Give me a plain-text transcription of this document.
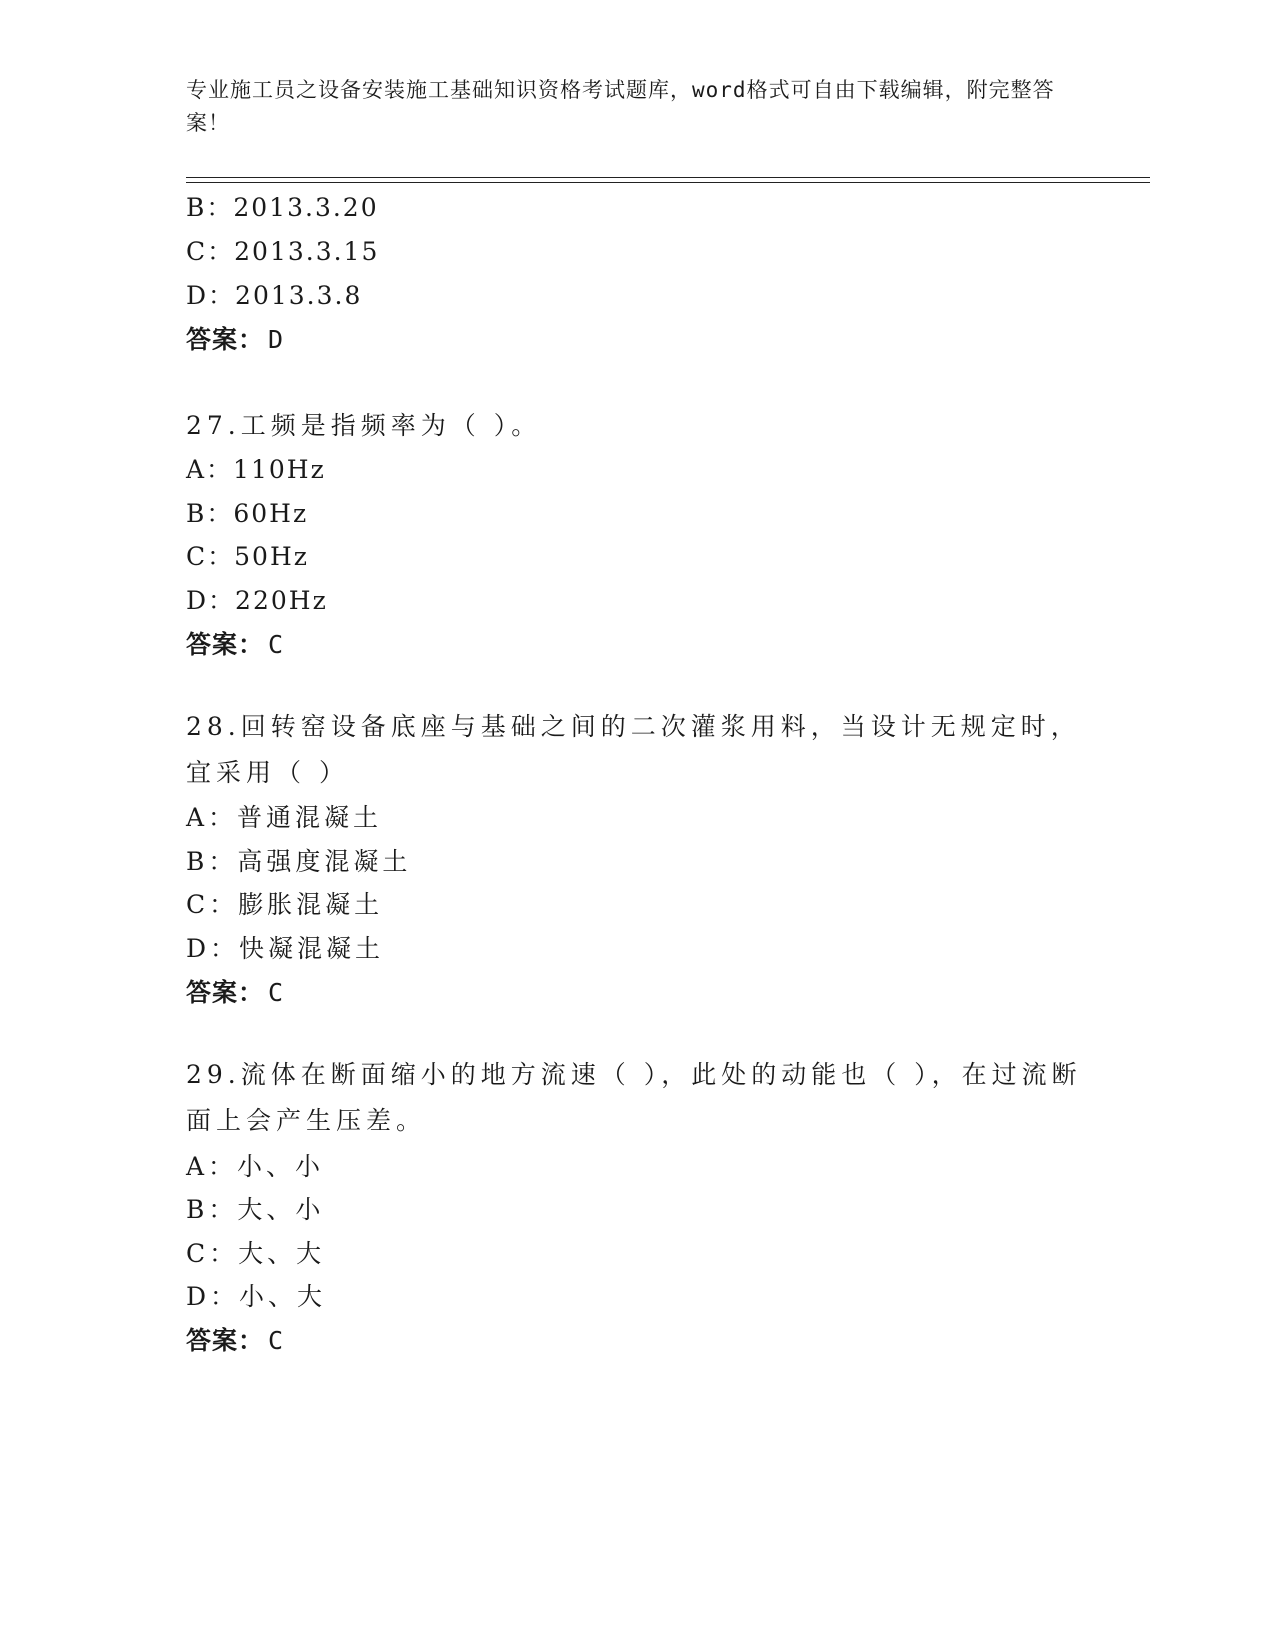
专业施工员之设备安装施工基础知识资格考试题库，word格式可自由下载编辑，附完整答案！
B：2013.3.20
C：2013.3.15
D：2013.3.8
答案： D
27.工频是指频率为（ ）。
A：110Hz
B：60Hz
C：50Hz
D：220Hz
答案： C
28.回转窑设备底座与基础之间的二次灌浆用料，当设计无规定时，宜采用（ ）
A：普通混凝土
B：高强度混凝土
C：膨胀混凝土
D：快凝混凝土
答案： C
29.流体在断面缩小的地方流速（ ），此处的动能也（ ），在过流断面上会产生压差。
A：小、小
B：大、小
C：大、大
D：小、大
答案： C
